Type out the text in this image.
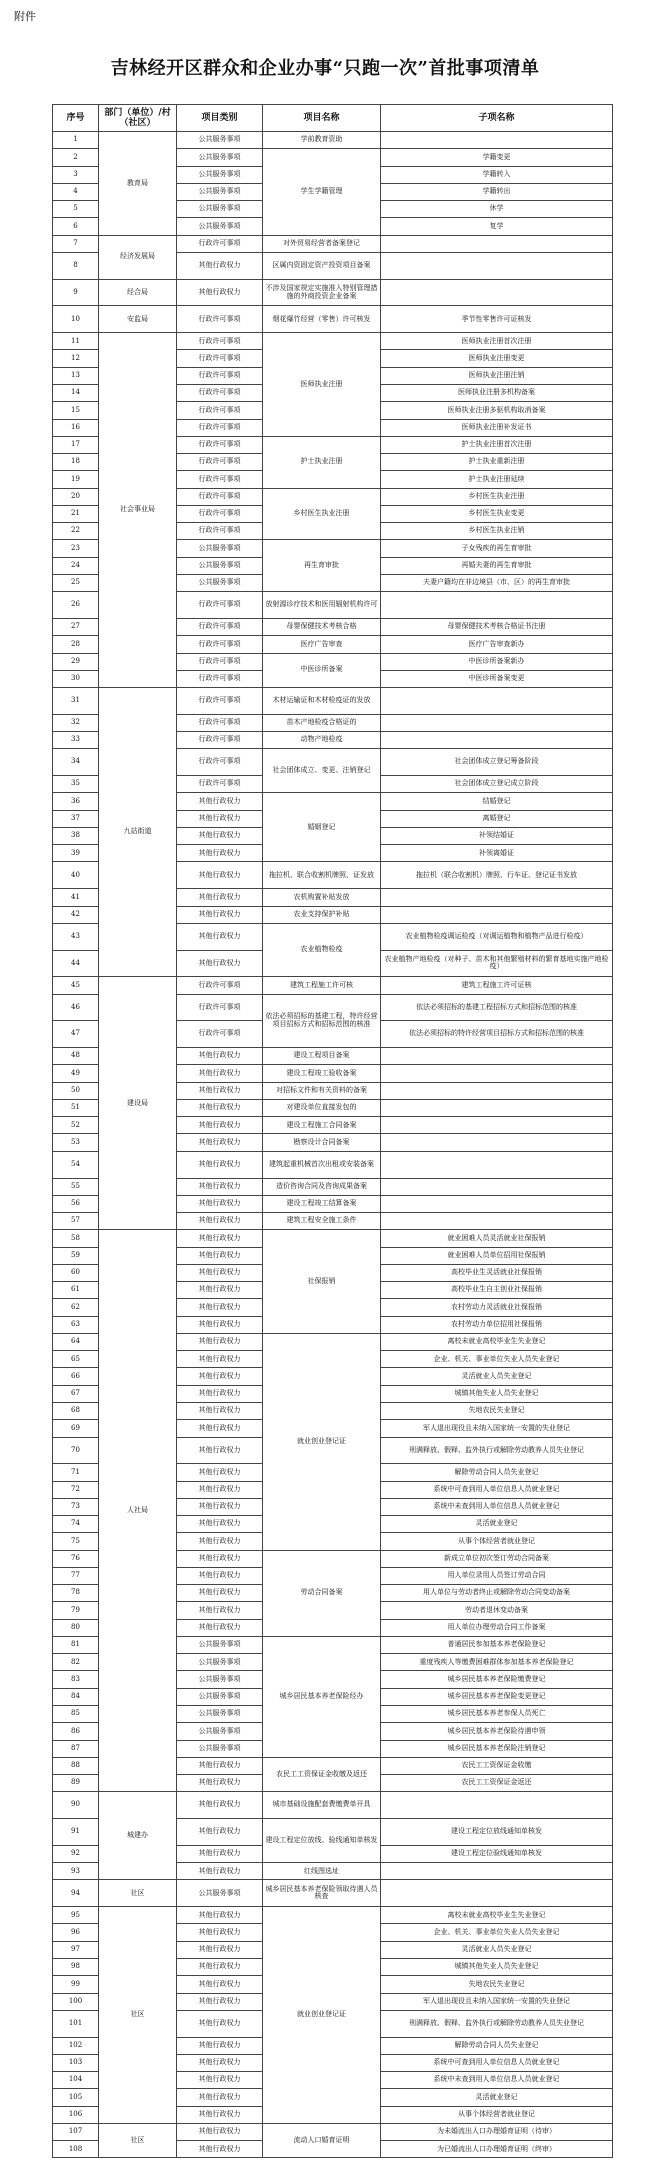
附件
吉林经开区群众和企业办事“只跑一次”首批事项清单
序号	部门（单位）/村（社区）	项目类别	项目名称	子项名称
1	教育局	公共服务事项	学前教育资助	
2		公共服务事项	学生学籍管理	学籍变更
3		公共服务事项		学籍转入
4		公共服务事项		学籍转出
5		公共服务事项		休学
6		公共服务事项		复学
7	经济发展局	行政许可事项	对外贸易经营者备案登记	
8		其他行政权力	区属内资固定资产投资项目备案	
9	经合局	其他行政权力	不涉及国家规定实施准入特别管理措施的外商投资企业备案	
10	安监局	行政许可事项	烟花爆竹经营（零售）许可核发	季节性零售许可证核发
11	社会事业局	行政许可事项	医师执业注册	医师执业注册首次注册
12		行政许可事项		医师执业注册变更
13		行政许可事项		医师执业注册注销
14		行政许可事项		医师执业注册多机构备案
15		行政许可事项		医师执业注册多驱机构取消备案
16		行政许可事项		医师执业注册补发证书
17		行政许可事项	护士执业注册	护士执业注册首次注册
18		行政许可事项		护士执业重新注册
19		行政许可事项		护士执业注册延续
20		行政许可事项	乡村医生执业注册	乡村医生执业注册
21		行政许可事项		乡村医生执业变更
22		行政许可事项		乡村医生执业注销
23		公共服务事项	再生育审批	子女残疾的再生育审批
24		公共服务事项		再婚夫妻的再生育审批
25		公共服务事项		夫妻户籍均在非边境县（市、区）的再生育审批
26		行政许可事项	放射源诊疗技术和医用辐射机构许可	
27		行政许可事项	母婴保健技术考核合格	母婴保健技术考核合格证书注册
28		行政许可事项	医疗广告审查	医疗广告审查新办
29		行政许可事项	中医诊所备案	中医诊所备案新办
30		行政许可事项		中医诊所备案变更
31	九站街道	行政许可事项	木材运输证和木材检疫证的发放	
32		行政许可事项	苗木产地检疫合格证的	
33		行政许可事项	动物产地检疫	
34		行政许可事项	社会团体成立、变更、注销登记	社会团体成立登记筹备阶段
35		行政许可事项		社会团体成立登记成立阶段
36		其他行政权力	婚姻登记	结婚登记
37		其他行政权力		离婚登记
38		其他行政权力		补领结婚证
39		其他行政权力		补领离婚证
40		其他行政权力	拖拉机、联合收割机牌照、证发放	拖拉机（联合收割机）牌照、行车证、登记证书发放
41		其他行政权力	农机购置补贴发放	
42		其他行政权力	农业支持保护补贴	
43		其他行政权力	农业植物检疫	农业植物检疫调运检疫（对调运植物和植物产品进行检疫）
44		其他行政权力		农业植物产地检疫（对种子、苗木和其他繁殖材料的繁育基地实施产地检疫）
45	建设局	行政许可事项	建筑工程施工许可核	建筑工程施工许可证核
46		行政许可事项	依法必须招标的基建工程，特许经营项目招标方式和招标范围的核准	依法必须招标的基建工程招标方式和招标范围的核准
47		行政许可事项		依法必须招标的特许经营项目招标方式和招标范围的核准
48		其他行政权力	建设工程项目备案	
49		其他行政权力	建设工程竣工验收备案	
50		其他行政权力	对招标文件和有关资料的备案	
51		其他行政权力	对建设单位直接发包的	
52		其他行政权力	建设工程施工合同备案	
53		其他行政权力	勘察设计合同备案	
54		其他行政权力	建筑起重机械首次出租或安装备案	
55		其他行政权力	造价咨询合同及咨询成果备案	
56		其他行政权力	建设工程竣工结算备案	
57		其他行政权力	建筑工程安全施工条件	
58	人社局	其他行政权力	社保报销	就业困难人员灵活就业社保报销
59		其他行政权力		就业困难人员单位招用社保报销
60		其他行政权力		高校毕业生灵活就业社保报销
61		其他行政权力		高校毕业生自主创业社保报销
62		其他行政权力		农村劳动力灵活就业社保报销
63		其他行政权力		农村劳动力单位招用社保报销
64		其他行政权力	就业创业登记证	离校未就业高校毕业生失业登记
65		其他行政权力		企业、机关、事业单位失业人员失业登记
66		其他行政权力		灵活就业人员失业登记
67		其他行政权力		城镇其他失业人员失业登记
68		其他行政权力		失地农民失业登记
69		其他行政权力		军人退出现役且未纳入国家统一安置的失业登记
70		其他行政权力		刑满释放、假释、监外执行或解除劳动教养人员失业登记
71		其他行政权力		解除劳动合同人员失业登记
72		其他行政权力		系统中可查到用人单位信息人员就业登记
73		其他行政权力		系统中未查到用人单位信息人员就业登记
74		其他行政权力		灵活就业登记
75		其他行政权力		从事个体经营者就业登记
76		其他行政权力	劳动合同备案	新成立单位初次签订劳动合同备案
77		其他行政权力		用人单位录用人员签订劳动合同
78		其他行政权力		用人单位与劳动者终止或解除劳动合同变动备案
79		其他行政权力		劳动者退休变动备案
80		其他行政权力		用人单位办理劳动合同工作备案
81		公共服务事项	城乡居民基本养老保险经办	普通居民参加基本养老保险登记
82		公共服务事项		重度残疾人等缴费困难群体参加基本养老保险登记
83		公共服务事项		城乡居民基本养老保险缴费登记
84		公共服务事项		城乡居民基本养老保险变更登记
85		公共服务事项		城乡居民基本养老参保人员死亡
86		公共服务事项		城乡居民基本养老保险待遇申领
87		公共服务事项		城乡居民基本养老保险注销登记
88		其他行政权力	农民工工资保证金收缴及返还	农民工工资保证金收缴
89		其他行政权力		农民工工资保证金返还
90	城建办	其他行政权力	城市基础设施配套费缴费单开具	
91		其他行政权力	建设工程定位放线、验线通知单核发	建设工程定位放线通知单核发
92		其他行政权力		建设工程定位验线通知单核发
93		其他行政权力	红线图选址	
94	社区	公共服务事项	城乡居民基本养老保险领取待遇人员核查	
95	社区	其他行政权力	就业创业登记证	离校未就业高校毕业生失业登记
96		其他行政权力		企业、机关、事业单位失业人员失业登记
97		其他行政权力		灵活就业人员失业登记
98		其他行政权力		城镇其他失业人员失业登记
99		其他行政权力		失地农民失业登记
100		其他行政权力		军人退出现役且未纳入国家统一安置的失业登记
101		其他行政权力		刑满释放、假释、监外执行或解除劳动教养人员失业登记
102		其他行政权力		解除劳动合同人员失业登记
103		其他行政权力		系统中可查到用人单位信息人员就业登记
104		其他行政权力		系统中未查到用人单位信息人员就业登记
105		其他行政权力		灵活就业登记
106		其他行政权力		从事个体经营者就业登记
107	社区	其他行政权力	流动人口婚育证明	为未婚流出人口办理婚育证明（待审）
108		其他行政权力		为已婚流出人口办理婚育证明（终审）
